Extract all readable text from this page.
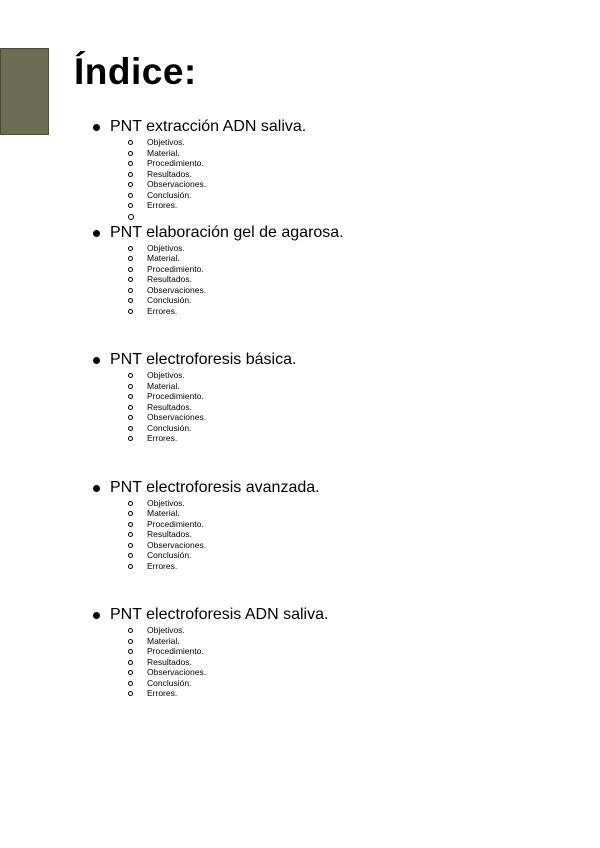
Índice:
PNT extracción ADN saliva.
Objetivos.
Material.
Procedimiento.
Resultados.
Observaciones.
Conclusión.
Errores.
PNT elaboración gel de agarosa.
Objetivos.
Material.
Procedimiento.
Resultados.
Observaciones.
Conclusión.
Errores.
PNT electroforesis básica.
Objetivos.
Material.
Procedimiento.
Resultados.
Observaciones.
Conclusión.
Errores.
PNT electroforesis avanzada.
Objetivos.
Material.
Procedimiento.
Resultados.
Observaciones.
Conclusión.
Errores.
PNT electroforesis ADN saliva.
Objetivos.
Material.
Procedimiento.
Resultados.
Observaciones.
Conclusión.
Errores.
